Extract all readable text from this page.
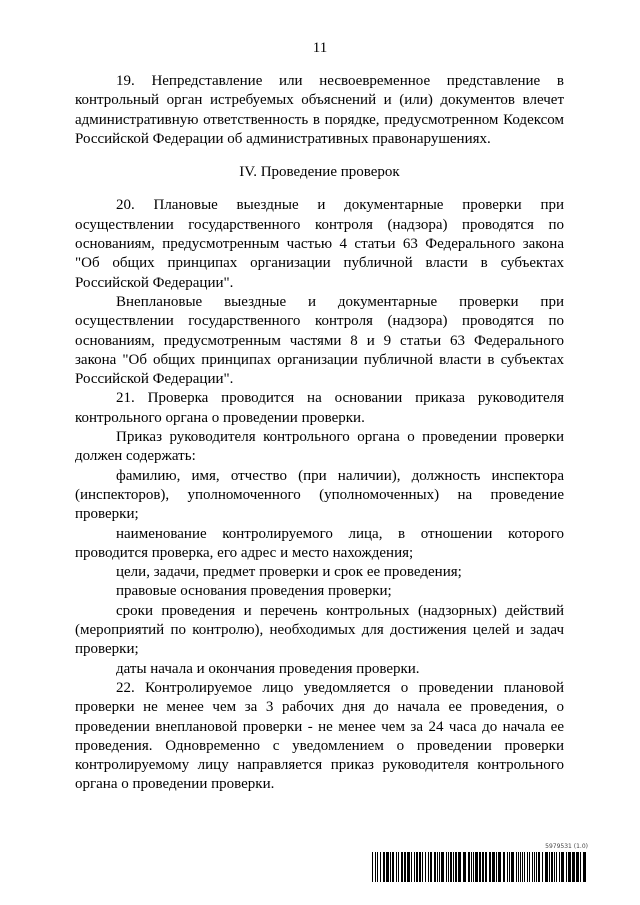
11

19. Непредставление или несвоевременное представление в контрольный орган истребуемых объяснений и (или) документов влечет административную ответственность в порядке, предусмотренном Кодексом Российской Федерации об административных правонарушениях.

IV. Проведение проверок

20. Плановые выездные и документарные проверки при осуществлении государственного контроля (надзора) проводятся по основаниям, предусмотренным частью 4 статьи 63 Федерального закона "Об общих принципах организации публичной власти в субъектах Российской Федерации".

Внеплановые выездные и документарные проверки при осуществлении государственного контроля (надзора) проводятся по основаниям, предусмотренным частями 8 и 9 статьи 63 Федерального закона "Об общих принципах организации публичной власти в субъектах Российской Федерации".

21. Проверка проводится на основании приказа руководителя контрольного органа о проведении проверки.

Приказ руководителя контрольного органа о проведении проверки должен содержать:

фамилию, имя, отчество (при наличии), должность инспектора (инспекторов), уполномоченного (уполномоченных) на проведение проверки;

наименование контролируемого лица, в отношении которого проводится проверка, его адрес и место нахождения;

цели, задачи, предмет проверки и срок ее проведения;

правовые основания проведения проверки;

сроки проведения и перечень контрольных (надзорных) действий (мероприятий по контролю), необходимых для достижения целей и задач проверки;

даты начала и окончания проведения проверки.

22. Контролируемое лицо уведомляется о проведении плановой проверки не менее чем за 3 рабочих дня до начала ее проведения, о проведении внеплановой проверки - не менее чем за 24 часа до начала ее проведения. Одновременно с уведомлением о проведении проверки контролируемому лицу направляется приказ руководителя контрольного органа о проведении проверки.

5979531 (1.0)
